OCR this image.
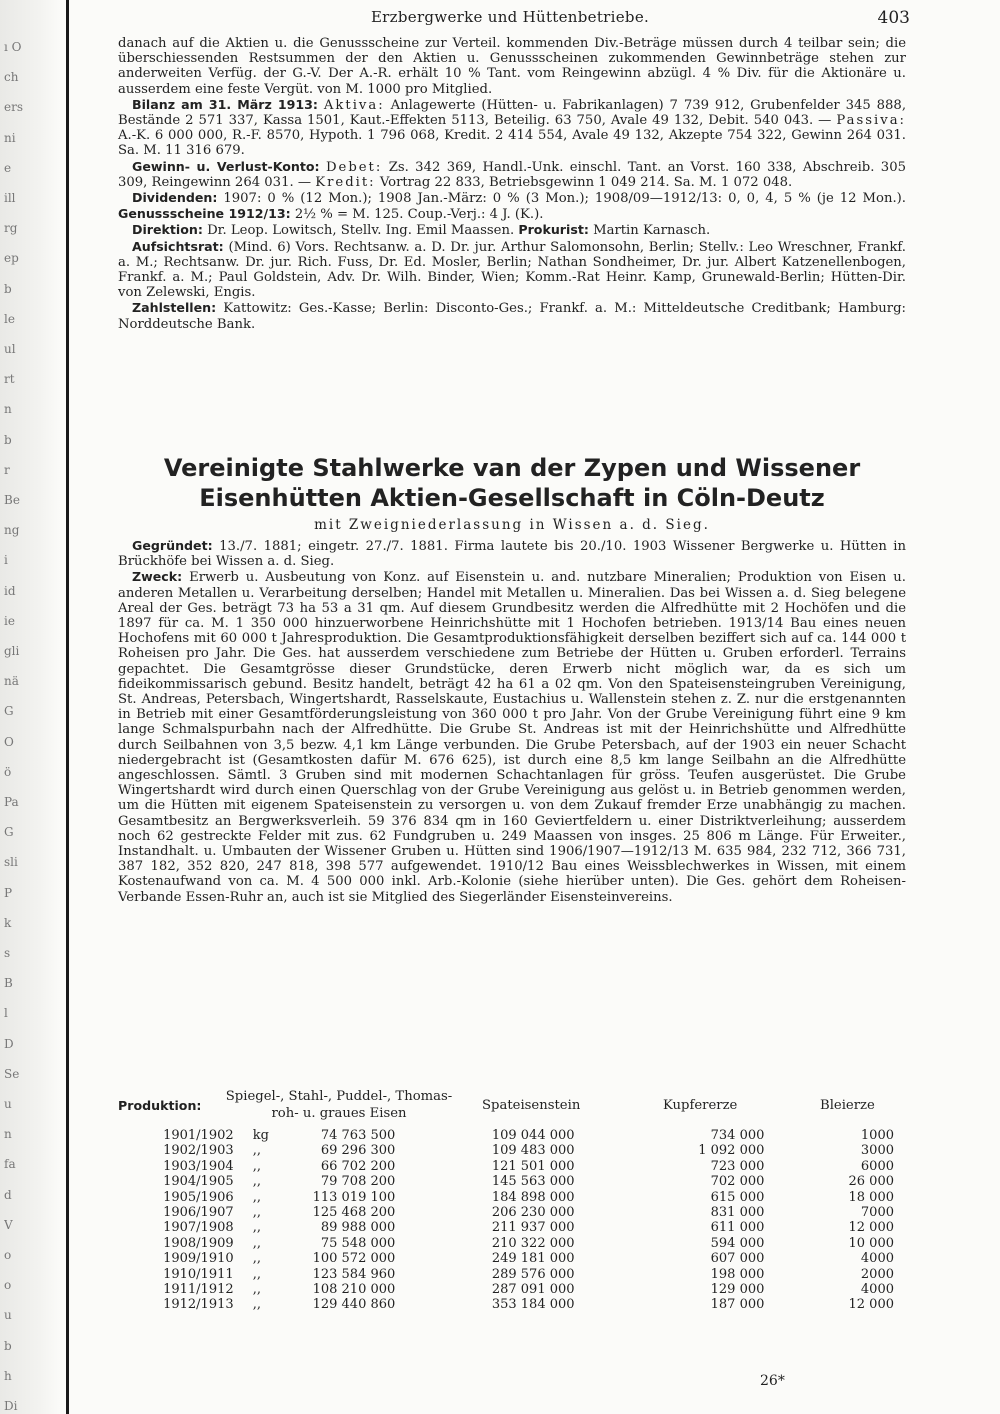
ı O
ch
ers
ni
e
ill
rg
ep
b
le
ul
rt
n
b
r
Be
ng
i
id
ie
gli
nä
G
O
ö
Pa
G
sli
P
k
s
B
l
D
Se
u
n
fa
d
V
o
o
u
b
h
Di
Erzbergwerke und Hüttenbetriebe.	403

danach auf die Aktien u. die Genussscheine zur Verteil. kommenden Div.-Beträge müssen durch 4 teilbar sein; die überschiessenden Restsummen der den Aktien u. Genussscheinen zukommenden Gewinnbeträge stehen zur anderweiten Verfüg. der G.-V. Der A.-R. erhält 10 % Tant. vom Reingewinn abzügl. 4 % Div. für die Aktionäre u. ausserdem eine feste Vergüt. von M. 1000 pro Mitglied.

Bilanz am 31. März 1913: Aktiva: Anlagewerte (Hütten- u. Fabrikanlagen) 7 739 912, Grubenfelder 345 888, Bestände 2 571 337, Kassa 1501, Kaut.-Effekten 5113, Beteilig. 63 750, Avale 49 132, Debit. 540 043. — Passiva: A.-K. 6 000 000, R.-F. 8570, Hypoth. 1 796 068, Kredit. 2 414 554, Avale 49 132, Akzepte 754 322, Gewinn 264 031. Sa. M. 11 316 679.

Gewinn- u. Verlust-Konto: Debet: Zs. 342 369, Handl.-Unk. einschl. Tant. an Vorst. 160 338, Abschreib. 305 309, Reingewinn 264 031. — Kredit: Vortrag 22 833, Betriebsgewinn 1 049 214. Sa. M. 1 072 048.

Dividenden: 1907: 0 % (12 Mon.); 1908 Jan.-März: 0 % (3 Mon.); 1908/09—1912/13: 0, 0, 4, 5 % (je 12 Mon.). Genussscheine 1912/13: 2½ % = M. 125. Coup.-Verj.: 4 J. (K.).

Direktion: Dr. Leop. Lowitsch, Stellv. Ing. Emil Maassen. Prokurist: Martin Karnasch.

Aufsichtsrat: (Mind. 6) Vors. Rechtsanw. a. D. Dr. jur. Arthur Salomonsohn, Berlin; Stellv.: Leo Wreschner, Frankf. a. M.; Rechtsanw. Dr. jur. Rich. Fuss, Dr. Ed. Mosler, Berlin; Nathan Sondheimer, Dr. jur. Albert Katzenellenbogen, Frankf. a. M.; Paul Goldstein, Adv. Dr. Wilh. Binder, Wien; Komm.-Rat Heinr. Kamp, Grunewald-Berlin; Hütten-Dir. von Zelewski, Engis.

Zahlstellen: Kattowitz: Ges.-Kasse; Berlin: Disconto-Ges.; Frankf. a. M.: Mitteldeutsche Creditbank; Hamburg: Norddeutsche Bank.

Vereinigte Stahlwerke van der Zypen und Wissener
Eisenhütten Aktien-Gesellschaft in Cöln-Deutz
mit Zweigniederlassung in Wissen a. d. Sieg.

Gegründet: 13./7. 1881; eingetr. 27./7. 1881. Firma lautete bis 20./10. 1903 Wissener Bergwerke u. Hütten in Brückhöfe bei Wissen a. d. Sieg.

Zweck: Erwerb u. Ausbeutung von Konz. auf Eisenstein u. and. nutzbare Mineralien; Produktion von Eisen u. anderen Metallen u. Verarbeitung derselben; Handel mit Metallen u. Mineralien. Das bei Wissen a. d. Sieg belegene Areal der Ges. beträgt 73 ha 53 a 31 qm. Auf diesem Grundbesitz werden die Alfredhütte mit 2 Hochöfen und die 1897 für ca. M. 1 350 000 hinzuerworbene Heinrichshütte mit 1 Hochofen betrieben. 1913/14 Bau eines neuen Hochofens mit 60 000 t Jahresproduktion. Die Gesamtproduktionsfähigkeit derselben beziffert sich auf ca. 144 000 t Roheisen pro Jahr. Die Ges. hat ausserdem verschiedene zum Betriebe der Hütten u. Gruben erforderl. Terrains gepachtet. Die Gesamtgrösse dieser Grundstücke, deren Erwerb nicht möglich war, da es sich um fideikommissarisch gebund. Besitz handelt, beträgt 42 ha 61 a 02 qm. Von den Spateisensteingruben Vereinigung, St. Andreas, Petersbach, Wingertshardt, Rasselskaute, Eustachius u. Wallenstein stehen z. Z. nur die erstgenannten in Betrieb mit einer Gesamtförderungsleistung von 360 000 t pro Jahr. Von der Grube Vereinigung führt eine 9 km lange Schmalspurbahn nach der Alfredhütte. Die Grube St. Andreas ist mit der Heinrichshütte und Alfredhütte durch Seilbahnen von 3,5 bezw. 4,1 km Länge verbunden. Die Grube Petersbach, auf der 1903 ein neuer Schacht niedergebracht ist (Gesamtkosten dafür M. 676 625), ist durch eine 8,5 km lange Seilbahn an die Alfredhütte angeschlossen. Sämtl. 3 Gruben sind mit modernen Schachtanlagen für gröss. Teufen ausgerüstet. Die Grube Wingertshardt wird durch einen Querschlag von der Grube Vereinigung aus gelöst u. in Betrieb genommen werden, um die Hütten mit eigenem Spateisenstein zu versorgen u. von dem Zukauf fremder Erze unabhängig zu machen. Gesamtbesitz an Bergwerksverleih. 59 376 834 qm in 160 Geviertfeldern u. einer Distriktverleihung; ausserdem noch 62 gestreckte Felder mit zus. 62 Fundgruben u. 249 Maassen von insges. 25 806 m Länge. Für Erweiter., Instandhalt. u. Umbauten der Wissener Gruben u. Hütten sind 1906/1907—1912/13 M. 635 984, 232 712, 366 731, 387 182, 352 820, 247 818, 398 577 aufgewendet. 1910/12 Bau eines Weissblechwerkes in Wissen, mit einem Kostenaufwand von ca. M. 4 500 000 inkl. Arb.-Kolonie (siehe hierüber unten). Die Ges. gehört dem Roheisen-Verbande Essen-Ruhr an, auch ist sie Mitglied des Siegerländer Eisensteinvereins.

Produktion:
Spiegel-, Stahl-, Puddel-, Thomas-
roh- u. graues Eisen
Spateisenstein	Kupfererze	Bleierze
1901/1902	kg	74 763 500	109 044 000	734 000	1000
1902/1903	,,	69 296 300	109 483 000	1 092 000	3000
1903/1904	,,	66 702 200	121 501 000	723 000	6000
1904/1905	,,	79 708 200	145 563 000	702 000	26 000
1905/1906	,,	113 019 100	184 898 000	615 000	18 000
1906/1907	,,	125 468 200	206 230 000	831 000	7000
1907/1908	,,	89 988 000	211 937 000	611 000	12 000
1908/1909	,,	75 548 000	210 322 000	594 000	10 000
1909/1910	,,	100 572 000	249 181 000	607 000	4000
1910/1911	,,	123 584 960	289 576 000	198 000	2000
1911/1912	,,	108 210 000	287 091 000	129 000	4000
1912/1913	,,	129 440 860	353 184 000	187 000	12 000
26*
